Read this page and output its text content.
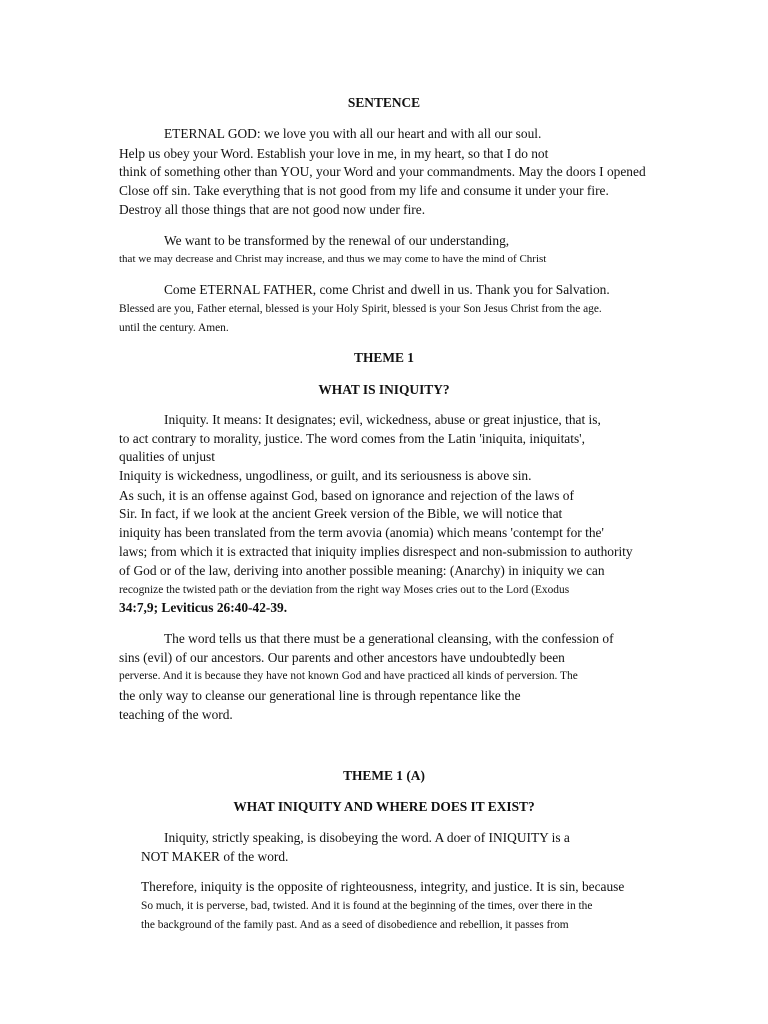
SENTENCE
ETERNAL GOD: we love you with all our heart and with all our soul.
Help us obey your Word. Establish your love in me, in my heart, so that I do not
think of something other than YOU, your Word and your commandments. May the doors I opened
Close off sin. Take everything that is not good from my life and consume it under your fire.
Destroy all those things that are not good now under fire.
We want to be transformed by the renewal of our understanding,
that we may decrease and Christ may increase, and thus we may come to have the mind of Christ
Come ETERNAL FATHER, come Christ and dwell in us. Thank you for Salvation.
Blessed are you, Father eternal, blessed is your Holy Spirit, blessed is your Son Jesus Christ from the age.
until the century. Amen.
THEME 1
WHAT IS INIQUITY?
Iniquity. It means: It designates; evil, wickedness, abuse or great injustice, that is,
to act contrary to morality, justice. The word comes from the Latin 'iniquita, iniquitats',
qualities of unjust
Iniquity is wickedness, ungodliness, or guilt, and its seriousness is above sin.
As such, it is an offense against God, based on ignorance and rejection of the laws of
Sir. In fact, if we look at the ancient Greek version of the Bible, we will notice that
iniquity has been translated from the term avovia (anomia) which means 'contempt for the'
laws; from which it is extracted that iniquity implies disrespect and non-submission to authority
of God or of the law, deriving into another possible meaning: (Anarchy) in iniquity we can
recognize the twisted path or the deviation from the right way Moses cries out to the Lord (Exodus
34:7,9; Leviticus 26:40-42-39.
The word tells us that there must be a generational cleansing, with the confession of
sins (evil) of our ancestors. Our parents and other ancestors have undoubtedly been
perverse. And it is because they have not known God and have practiced all kinds of perversion. The
the only way to cleanse our generational line is through repentance like the
teaching of the word.
THEME 1 (A)
WHAT INIQUITY AND WHERE DOES IT EXIST?
Iniquity, strictly speaking, is disobeying the word. A doer of INIQUITY is a
NOT MAKER of the word.
Therefore, iniquity is the opposite of righteousness, integrity, and justice. It is sin, because
So much, it is perverse, bad, twisted. And it is found at the beginning of the times, over there in the
the background of the family past. And as a seed of disobedience and rebellion, it passes from
